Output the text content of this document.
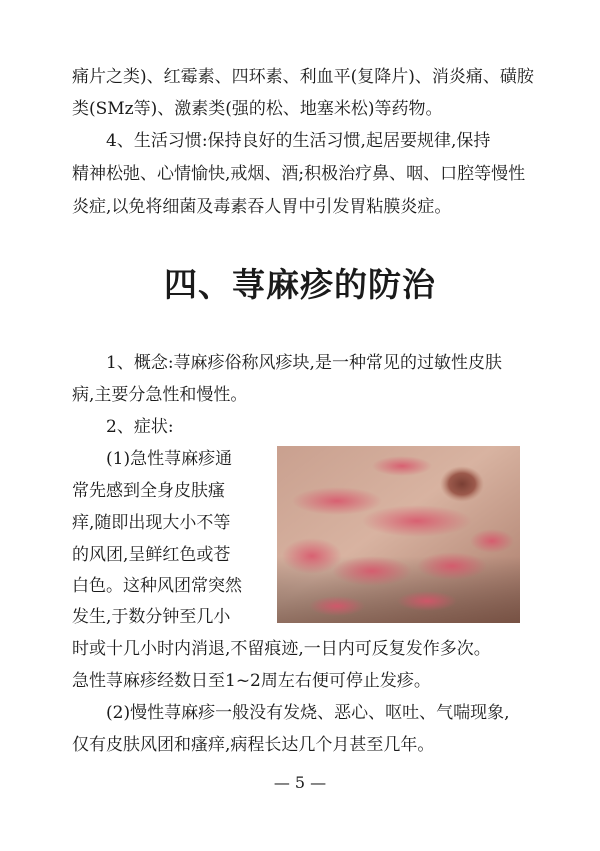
痛片之类)、红霉素、四环素、利血平(复降片)、消炎痛、磺胺
类(SMz等)、激素类(强的松、地塞米松)等药物。
4、生活习惯:保持良好的生活习惯,起居要规律,保持
精神松弛、心情愉快,戒烟、酒;积极治疗鼻、咽、口腔等慢性
炎症,以免将细菌及毒素吞人胃中引发胃粘膜炎症。
四、荨麻疹的防治
1、概念:荨麻疹俗称风疹块,是一种常见的过敏性皮肤
病,主要分急性和慢性。
2、症状:
(1)急性荨麻疹通
常先感到全身皮肤瘙
痒,随即出现大小不等
的风团,呈鲜红色或苍
白色。这种风团常突然
发生,于数分钟至几小
时或十几小时内消退,不留痕迹,一日内可反复发作多次。
急性荨麻疹经数日至1~2周左右便可停止发疹。
(2)慢性荨麻疹一般没有发烧、恶心、呕吐、气喘现象,
仅有皮肤风团和瘙痒,病程长达几个月甚至几年。
— 5 —
